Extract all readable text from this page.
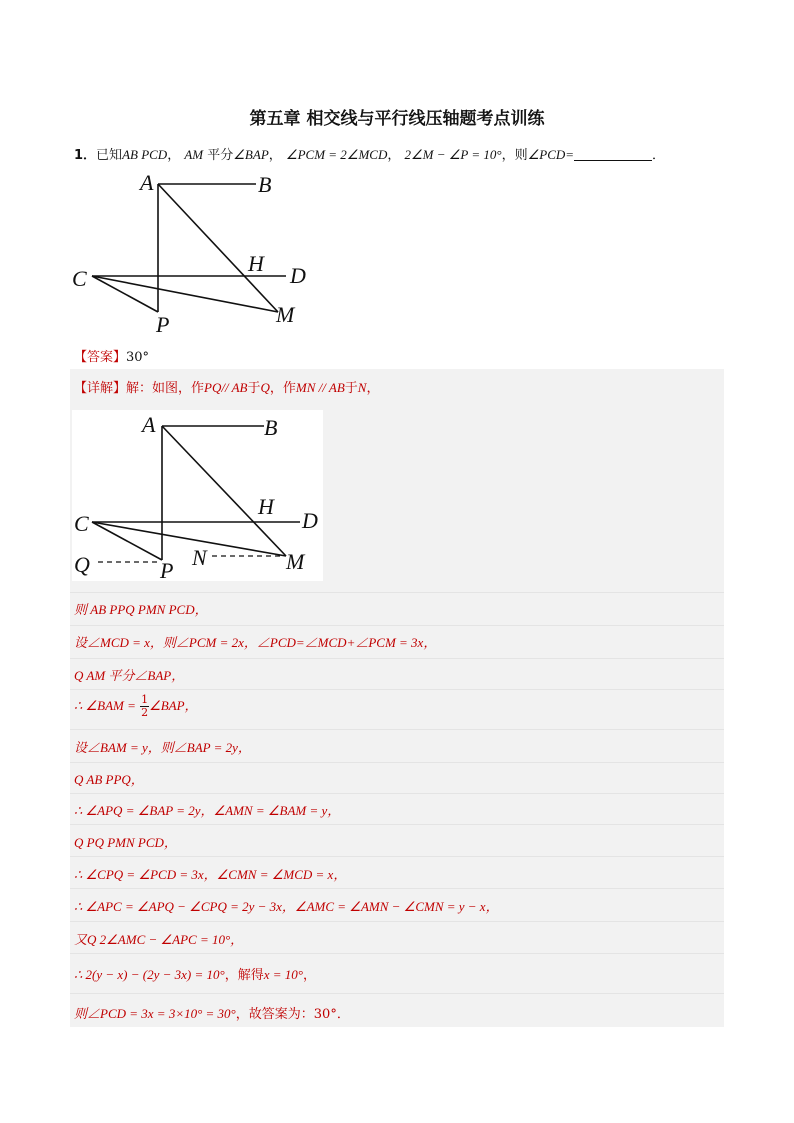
第五章 相交线与平行线压轴题考点训练
1．已知AB PCD， AM 平分∠BAP， ∠PCM = 2∠MCD， 2∠M − ∠P = 10°，则∠PCD=	．
A	B
C	D
H
P	M
【答案】30°
【详解】解：如图，作PQ// AB于Q，作MN // AB于N，
A	B
C	D
H
P	M
Q	N
则 AB PPQ PMN PCD，
设∠MCD = x，则∠PCM = 2x，∠PCD=∠MCD+∠PCM = 3x，
Q AM 平分∠BAP，
∴ ∠BAM = $\frac{1}{2}$ ∠BAP，
设∠BAM = y，则∠BAP = 2y，
Q AB PPQ，
∴ ∠APQ = ∠BAP = 2y，∠AMN = ∠BAM = y，
Q PQ PMN PCD，
∴ ∠CPQ = ∠PCD = 3x，∠CMN = ∠MCD = x，
∴ ∠APC = ∠APQ − ∠CPQ = 2y − 3x，∠AMC = ∠AMN − ∠CMN = y − x，
又Q 2∠AMC − ∠APC = 10°，
∴ 2(y − x) − (2y − 3x) = 10°，解得x = 10°，
则∠PCD = 3x = 3×10° = 30°，故答案为：30°．
